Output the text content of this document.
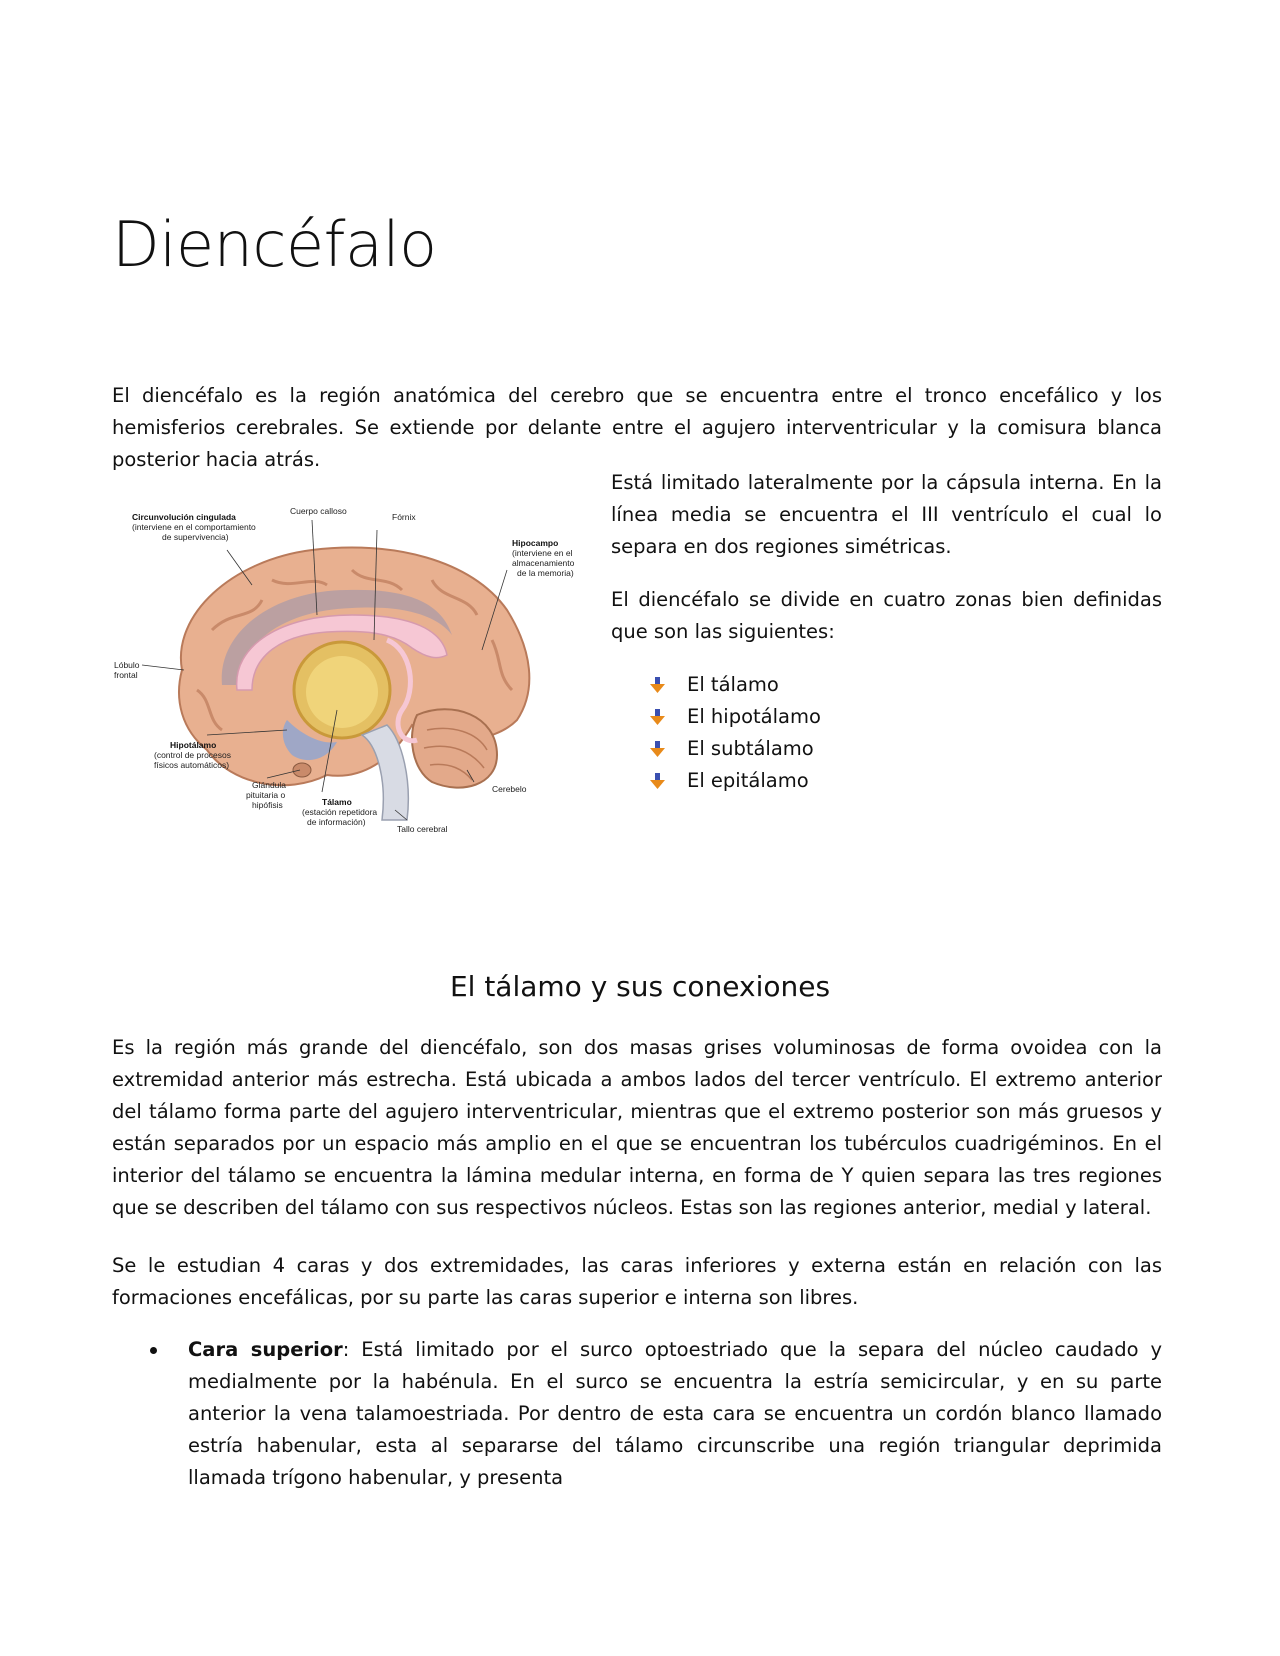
Diencéfalo

El diencéfalo es la región anatómica del cerebro que se encuentra entre el tronco encefálico y los hemisferios cerebrales. Se extiende por delante entre el agujero interventricular y la comisura blanca posterior hacia atrás.

Circunvolución cingulada
(interviene en el comportamiento
de supervivencia)
Cuerpo calloso
Fórnix
Hipocampo
(interviene en el
almacenamiento
de la memoria)
Lóbulo
frontal
Hipotálamo
(control de procesos
físicos automáticos)
Glándula
pituitaria o
hipófisis	Tálamo
(estación repetidora
de información)
Cerebelo
Tallo cerebral

Está limitado lateralmente por la cápsula interna. En la línea media se encuentra el III ventrículo el cual lo separa en dos regiones simétricas.

El diencéfalo se divide en cuatro zonas bien definidas que son las siguientes:

El tálamo
El hipotálamo
El subtálamo
El epitálamo
El tálamo y sus conexiones

Es la región más grande del diencéfalo, son dos masas grises voluminosas de forma ovoidea con la extremidad anterior más estrecha. Está ubicada a ambos lados del tercer ventrículo. El extremo anterior del tálamo forma parte del agujero interventricular, mientras que el extremo posterior son más gruesos y están separados por un espacio más amplio en el que se encuentran los tubérculos cuadrigéminos. En el interior del tálamo se encuentra la lámina medular interna, en forma de Y quien separa las tres regiones que se describen del tálamo con sus respectivos núcleos. Estas son las regiones anterior, medial y lateral.

Se le estudian 4 caras y dos extremidades, las caras inferiores y externa están en relación con las formaciones encefálicas, por su parte las caras superior e interna son libres.

Cara superior: Está limitado por el surco optoestriado que la separa del núcleo caudado y medialmente por la habénula. En el surco se encuentra la estría semicircular, y en su parte anterior la vena talamoestriada. Por dentro de esta cara se encuentra un cordón blanco llamado estría habenular, esta al separarse del tálamo circunscribe una región triangular deprimida llamada trígono habenular, y presenta
